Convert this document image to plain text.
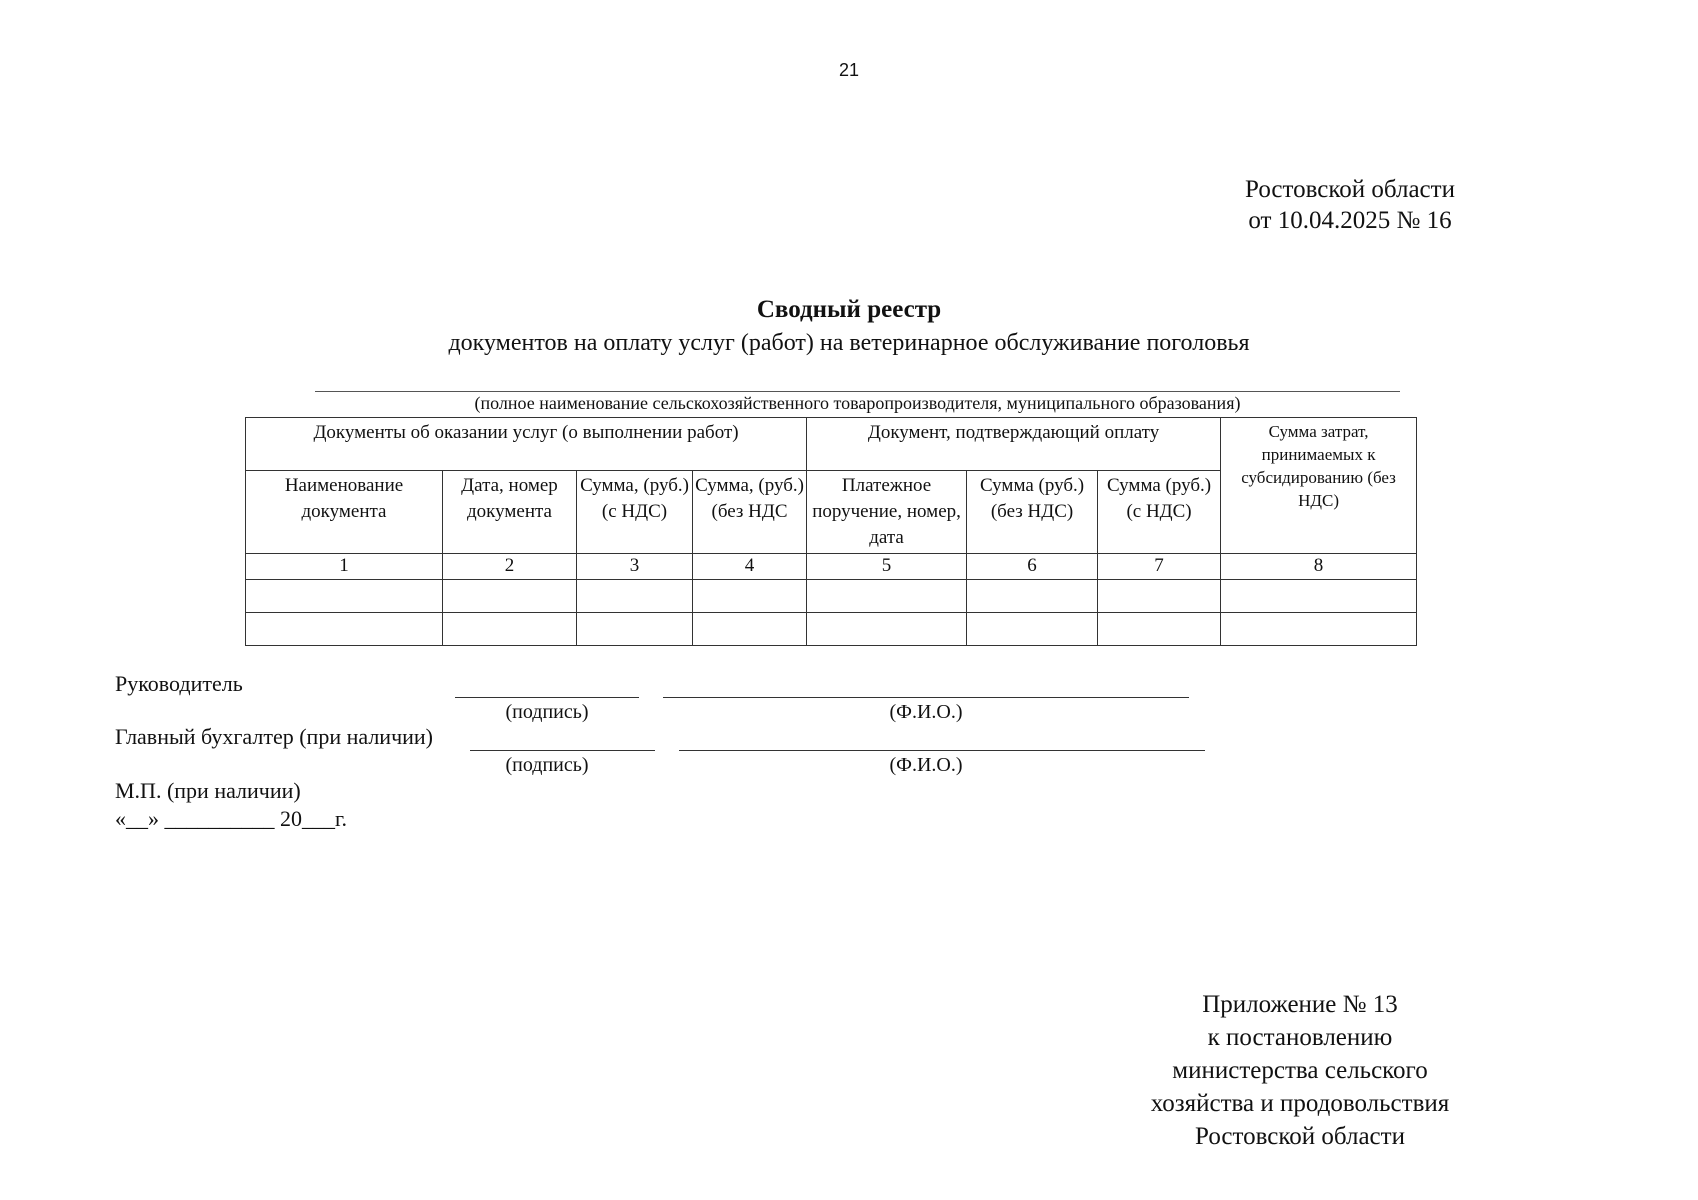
21
Ростовской области
от 10.04.2025 № 16
Сводный реестр
документов на оплату услуг (работ) на ветеринарное обслуживание поголовья
(полное наименование сельскохозяйственного товаропроизводителя, муниципального образования)
Документы об оказании услуг (о выполнении работ)				Документ, подтверждающий оплату			Сумма затрат, принимаемых к субсидированию (без НДС)
Наименование документа	Дата, номер документа	Сумма, (руб.) (с НДС)	Сумма, (руб.) (без НДС	Платежное поручение, номер, дата	Сумма (руб.) (без НДС)	Сумма (руб.) (с НДС)	
1	2	3	4	5	6	7	8

Руководитель
(подпись)	(Ф.И.О.)
Главный бухгалтер (при наличии)
(подпись)	(Ф.И.О.)
М.П. (при наличии)
«__» __________ 20___г.
Приложение № 13
к постановлению
министерства сельского
хозяйства и продовольствия
Ростовской области
